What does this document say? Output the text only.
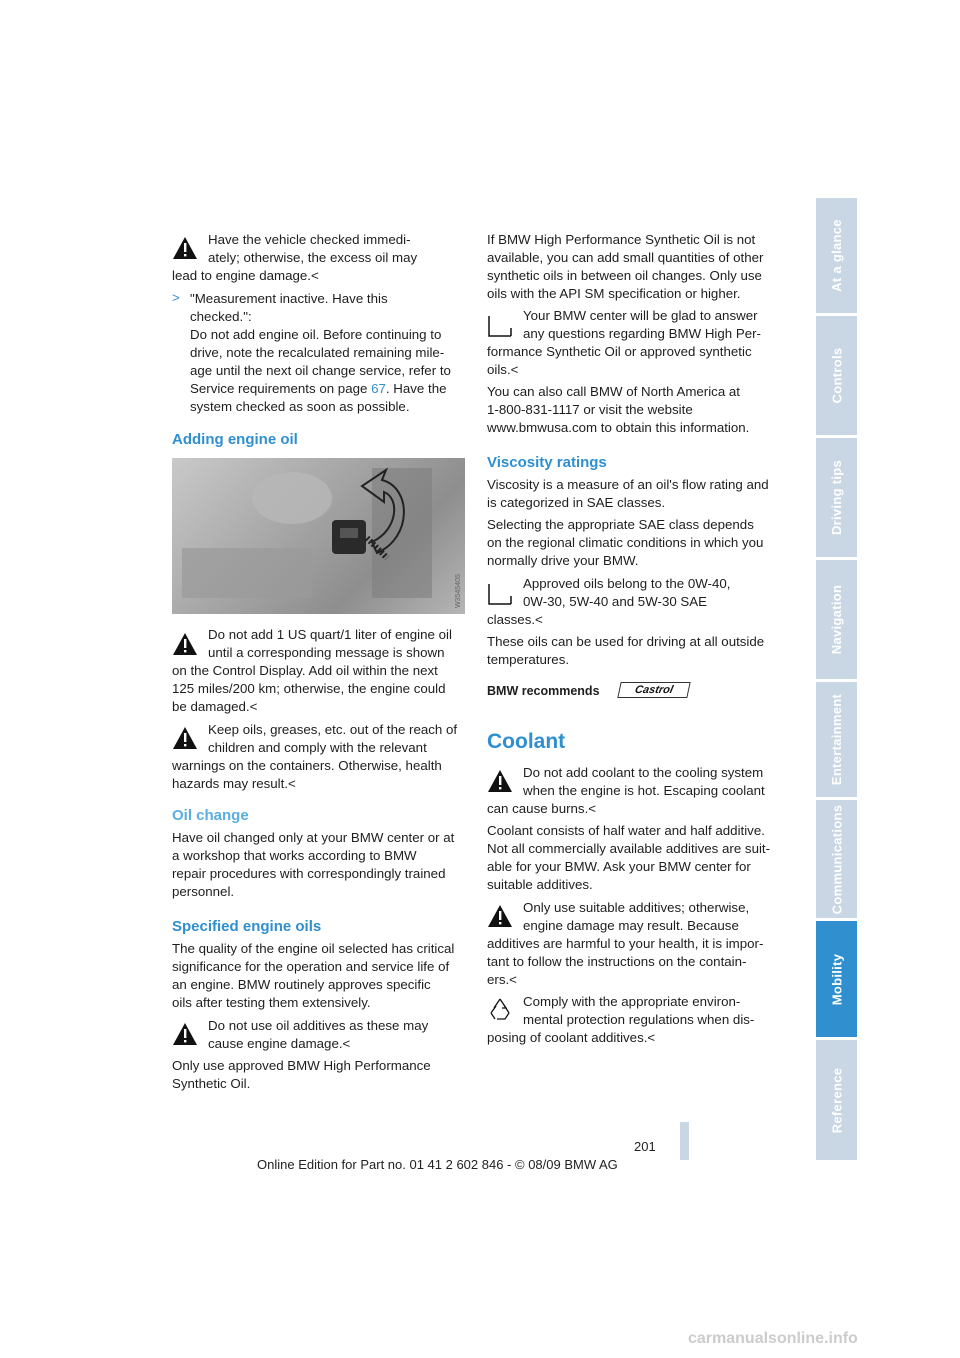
Have the vehicle checked immedi-

ately; otherwise, the excess oil may

lead to engine damage.<

> "Measurement inactive. Have this

checked.":

Do not add engine oil. Before continuing to

drive, note the recalculated remaining mile-

age until the next oil change service, refer to

Service requirements on page 67. Have the

system checked as soon as possible.

Adding engine oil
W3545405

Do not add 1 US quart/1 liter of engine oil

until a corresponding message is shown

on the Control Display. Add oil within the next

125 miles/200 km; otherwise, the engine could

be damaged.<

Keep oils, greases, etc. out of the reach of

children and comply with the relevant

warnings on the containers. Otherwise, health

hazards may result.<

Oil change

Have oil changed only at your BMW center or at

a workshop that works according to BMW

repair procedures with correspondingly trained

personnel.

Specified engine oils

The quality of the engine oil selected has critical

significance for the operation and service life of

an engine. BMW routinely approves specific

oils after testing them extensively.

Do not use oil additives as these may

cause engine damage.<

Only use approved BMW High Performance

Synthetic Oil.

If BMW High Performance Synthetic Oil is not

available, you can add small quantities of other

synthetic oils in between oil changes. Only use

oils with the API SM specification or higher.

Your BMW center will be glad to answer

any questions regarding BMW High Per-

formance Synthetic Oil or approved synthetic

oils.<

You can also call BMW of North America at

1-800-831-1117 or visit the website

www.bmwusa.com to obtain this information.

Viscosity ratings

Viscosity is a measure of an oil's flow rating and

is categorized in SAE classes.

Selecting the appropriate SAE class depends

on the regional climatic conditions in which you

normally drive your BMW.

Approved oils belong to the 0W-40,

0W-30, 5W-40 and 5W-30 SAE

classes.<

These oils can be used for driving at all outside

temperatures.

BMW recommends	Castrol
Coolant

Do not add coolant to the cooling system

when the engine is hot. Escaping coolant

can cause burns.<

Coolant consists of half water and half additive.

Not all commercially available additives are suit-

able for your BMW. Ask your BMW center for

suitable additives.

Only use suitable additives; otherwise,

engine damage may result. Because

additives are harmful to your health, it is impor-

tant to follow the instructions on the contain-

ers.<

Comply with the appropriate environ-

mental protection regulations when dis-

posing of coolant additives.<

At a glance
Controls
Driving tips
Navigation
Entertainment
Communications
Mobility
Reference
201
Online Edition for Part no. 01 41 2 602 846 - © 08/09 BMW AG
carmanualsonline.info
